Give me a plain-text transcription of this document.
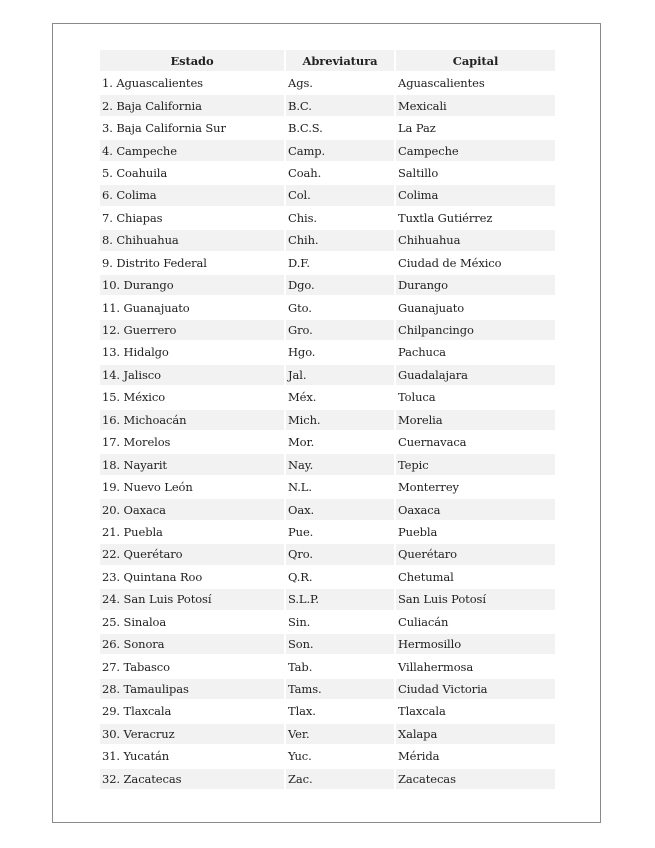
Estado	Abreviatura	Capital
1. Aguascalientes	Ags.	Aguascalientes
2. Baja California	B.C.	Mexicali
3. Baja California Sur	B.C.S.	La Paz
4. Campeche	Camp.	Campeche
5. Coahuila	Coah.	Saltillo
6. Colima	Col.	Colima
7. Chiapas	Chis.	Tuxtla Gutiérrez
8. Chihuahua	Chih.	Chihuahua
9. Distrito Federal	D.F.	Ciudad de México
10. Durango	Dgo.	Durango
11. Guanajuato	Gto.	Guanajuato
12. Guerrero	Gro.	Chilpancingo
13. Hidalgo	Hgo.	Pachuca
14. Jalisco	Jal.	Guadalajara
15. México	Méx.	Toluca
16. Michoacán	Mich.	Morelia
17. Morelos	Mor.	Cuernavaca
18. Nayarit	Nay.	Tepic
19. Nuevo León	N.L.	Monterrey
20. Oaxaca	Oax.	Oaxaca
21. Puebla	Pue.	Puebla
22. Querétaro	Qro.	Querétaro
23. Quintana Roo	Q.R.	Chetumal
24. San Luis Potosí	S.L.P.	San Luis Potosí
25. Sinaloa	Sin.	Culiacán
26. Sonora	Son.	Hermosillo
27. Tabasco	Tab.	Villahermosa
28. Tamaulipas	Tams.	Ciudad Victoria
29. Tlaxcala	Tlax.	Tlaxcala
30. Veracruz	Ver.	Xalapa
31. Yucatán	Yuc.	Mérida
32. Zacatecas	Zac.	Zacatecas
